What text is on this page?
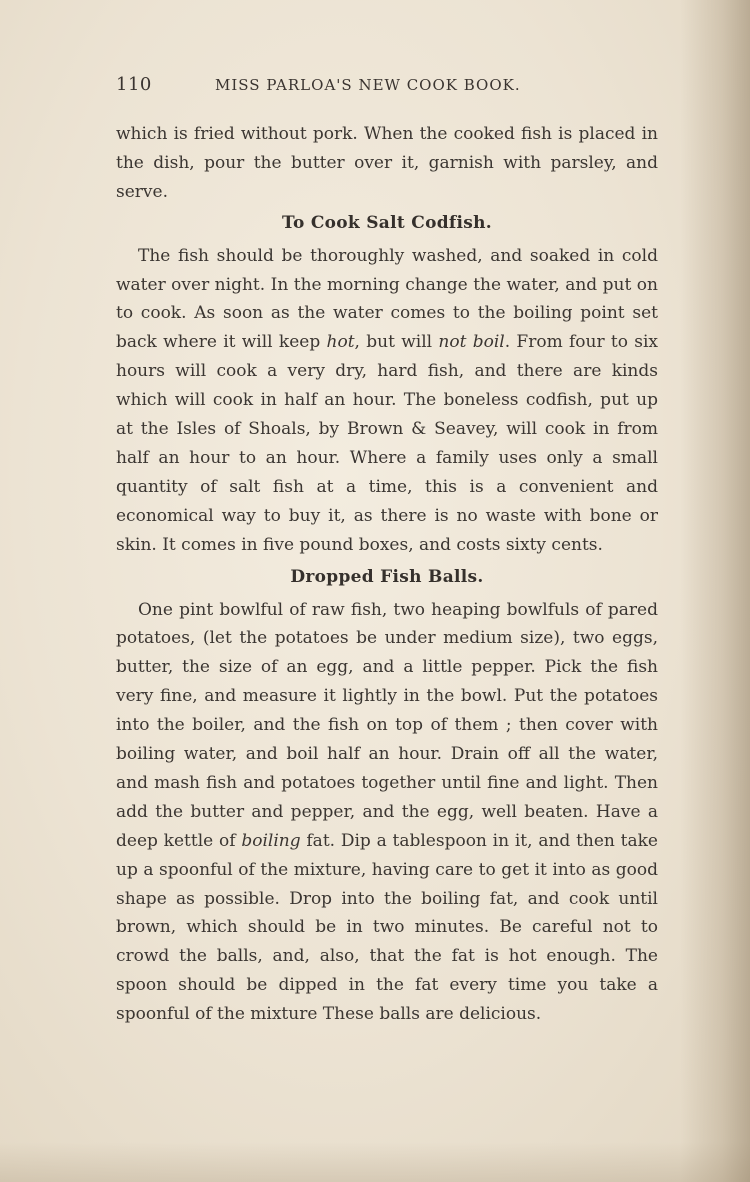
110	MISS PARLOA'S NEW COOK BOOK.

which is fried without pork. When the cooked fish is placed in the dish, pour the butter over it, garnish with parsley, and serve.

To Cook Salt Codfish.

The fish should be thoroughly washed, and soaked in cold water over night. In the morning change the water, and put on to cook. As soon as the water comes to the boiling point set back where it will keep hot, but will not boil. From four to six hours will cook a very dry, hard fish, and there are kinds which will cook in half an hour. The boneless codfish, put up at the Isles of Shoals, by Brown & Seavey, will cook in from half an hour to an hour. Where a family uses only a small quantity of salt fish at a time, this is a convenient and economical way to buy it, as there is no waste with bone or skin. It comes in five pound boxes, and costs sixty cents.

Dropped Fish Balls.

One pint bowlful of raw fish, two heaping bowlfuls of pared potatoes, (let the potatoes be under medium size), two eggs, butter, the size of an egg, and a little pepper. Pick the fish very fine, and measure it lightly in the bowl. Put the potatoes into the boiler, and the fish on top of them ; then cover with boiling water, and boil half an hour. Drain off all the water, and mash fish and potatoes together until fine and light. Then add the butter and pepper, and the egg, well beaten. Have a deep kettle of boiling fat. Dip a tablespoon in it, and then take up a spoonful of the mixture, having care to get it into as good shape as possible. Drop into the boiling fat, and cook until brown, which should be in two minutes. Be careful not to crowd the balls, and, also, that the fat is hot enough. The spoon should be dipped in the fat every time you take a spoonful of the mixture These balls are delicious.
